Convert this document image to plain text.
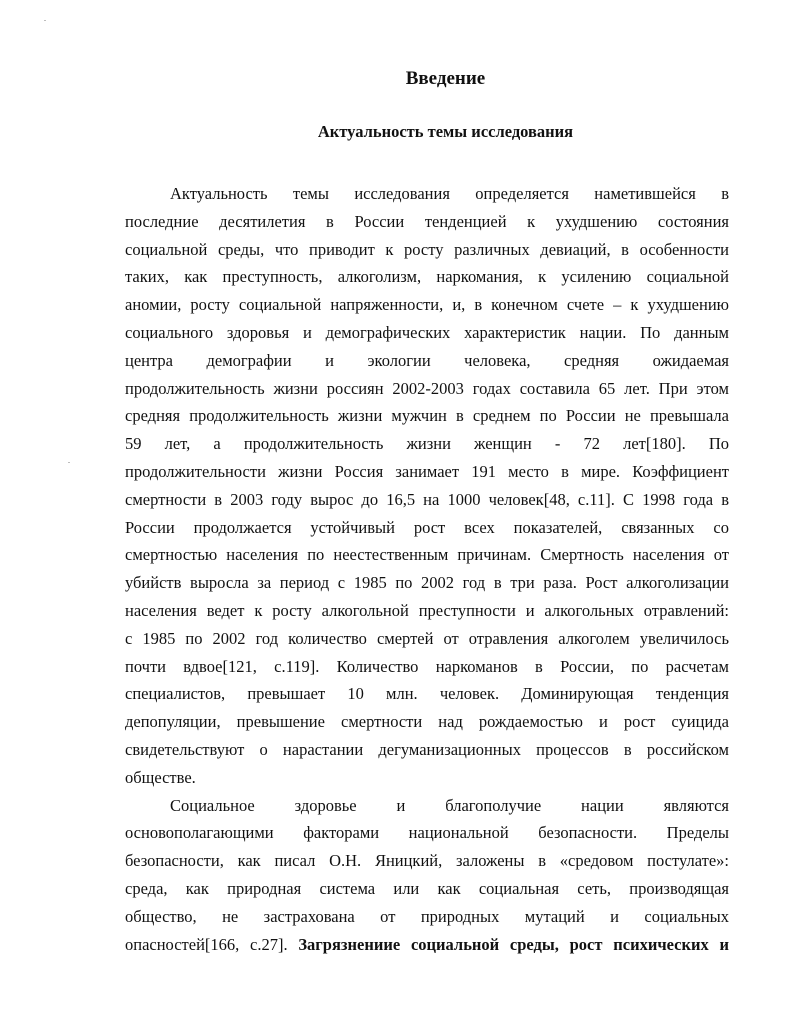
Введение
Актуальность темы исследования
Актуальность темы исследования определяется наметившейся в
последние десятилетия в России тенденцией к ухудшению состояния
социальной среды, что приводит к росту различных девиаций, в особенности
таких, как преступность, алкоголизм, наркомания, к усилению социальной
аномии, росту социальной напряженности, и, в конечном счете – к ухудшению
социального здоровья и демографических характеристик нации. По данным
центра демографии и экологии человека, средняя ожидаемая
продолжительность жизни россиян 2002-2003 годах составила 65 лет. При этом
средняя продолжительность жизни мужчин в среднем по России не превышала
59 лет, а продолжительность жизни женщин - 72 лет[180]. По
продолжительности жизни Россия занимает 191 место в мире. Коэффициент
смертности в 2003 году вырос до 16,5 на 1000 человек[48, с.11]. С 1998 года в
России продолжается устойчивый рост всех показателей, связанных со
смертностью населения по неестественным причинам. Смертность населения от
убийств выросла за период с 1985 по 2002 год в три раза. Рост алкоголизации
населения ведет к росту алкогольной преступности и алкогольных отравлений:
с 1985 по 2002 год количество смертей от отравления алкоголем увеличилось
почти вдвое[121, с.119]. Количество наркоманов в России, по расчетам
специалистов, превышает 10 млн. человек. Доминирующая тенденция
депопуляции, превышение смертности над рождаемостью и рост суицида
свидетельствуют о нарастании дегуманизационных процессов в российском
обществе.
Социальное здоровье и благополучие нации являются
основополагающими факторами национальной безопасности. Пределы
безопасности, как писал О.Н. Яницкий, заложены в «средовом постулате»:
среда, как природная система или как социальная сеть, производящая
общество, не застрахована от природных мутаций и социальных
опасностей[166, с.27]. Загрязнениие социальной среды, рост психических и
